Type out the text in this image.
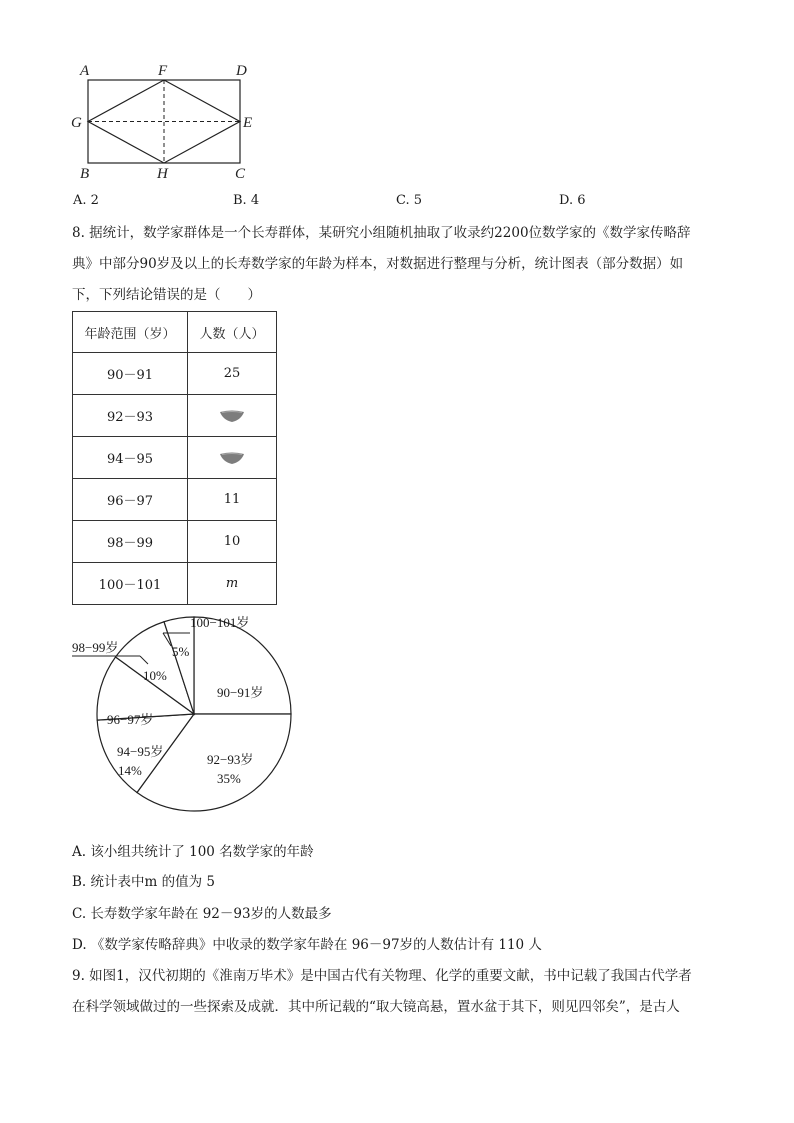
A	F	D
G	E
B	H	C
A. 2	B. 4	C. 5	D. 6
8. 据统计，数学家群体是一个长寿群体，某研究小组随机抽取了收录约2200位数学家的《数学家传略辞
典》中部分90岁及以上的长寿数学家的年龄为样本，对数据进行整理与分析，统计图表（部分数据）如
下，下列结论错误的是（　　）
年龄范围（岁）	人数（人）
90－91	25
92－93	
94－95	
96－97	11
98－99	10
100－101	m
100−101岁
98−99岁	5%
10%
90−91岁
96−97岁
94−95岁
14%
92−93岁
35%
A. 该小组共统计了 100 名数学家的年龄
B. 统计表中m 的值为 5
C. 长寿数学家年龄在 92－93岁的人数最多
D. 《数学家传略辞典》中收录的数学家年龄在 96－97岁的人数估计有 110 人
9. 如图1，汉代初期的《淮南万毕术》是中国古代有关物理、化学的重要文献，书中记载了我国古代学者
在科学领域做过的一些探索及成就．其中所记载的“取大镜高悬，置水盆于其下，则见四邻矣”，是古人
